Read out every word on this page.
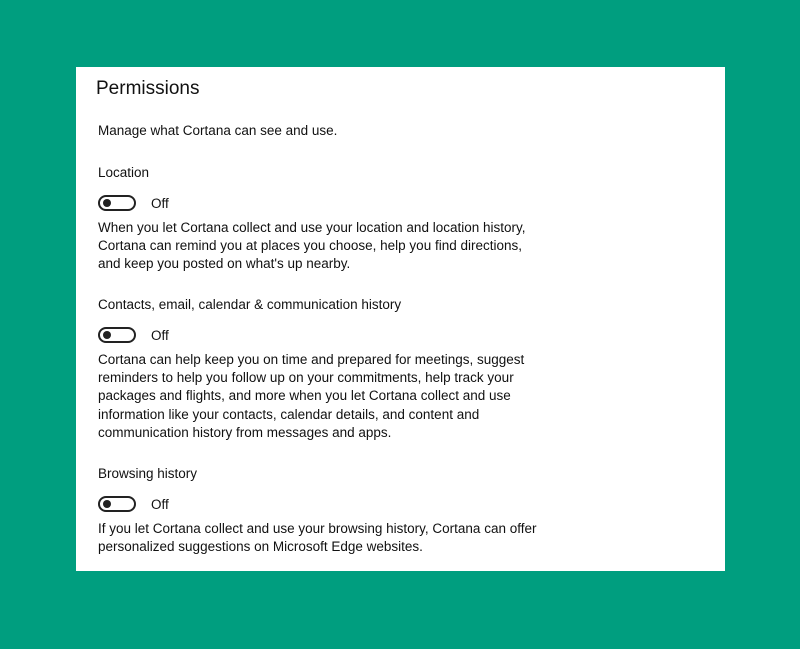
Permissions

Manage what Cortana can see and use.

Location

Off

When you let Cortana collect and use your location and location history, Cortana can remind you at places you choose, help you find directions, and keep you posted on what's up nearby.

Contacts, email, calendar & communication history

Off

Cortana can help keep you on time and prepared for meetings, suggest reminders to help you follow up on your commitments, help track your packages and flights, and more when you let Cortana collect and use information like your contacts, calendar details, and content and communication history from messages and apps.

Browsing history

Off

If you let Cortana collect and use your browsing history, Cortana can offer personalized suggestions on Microsoft Edge websites.
